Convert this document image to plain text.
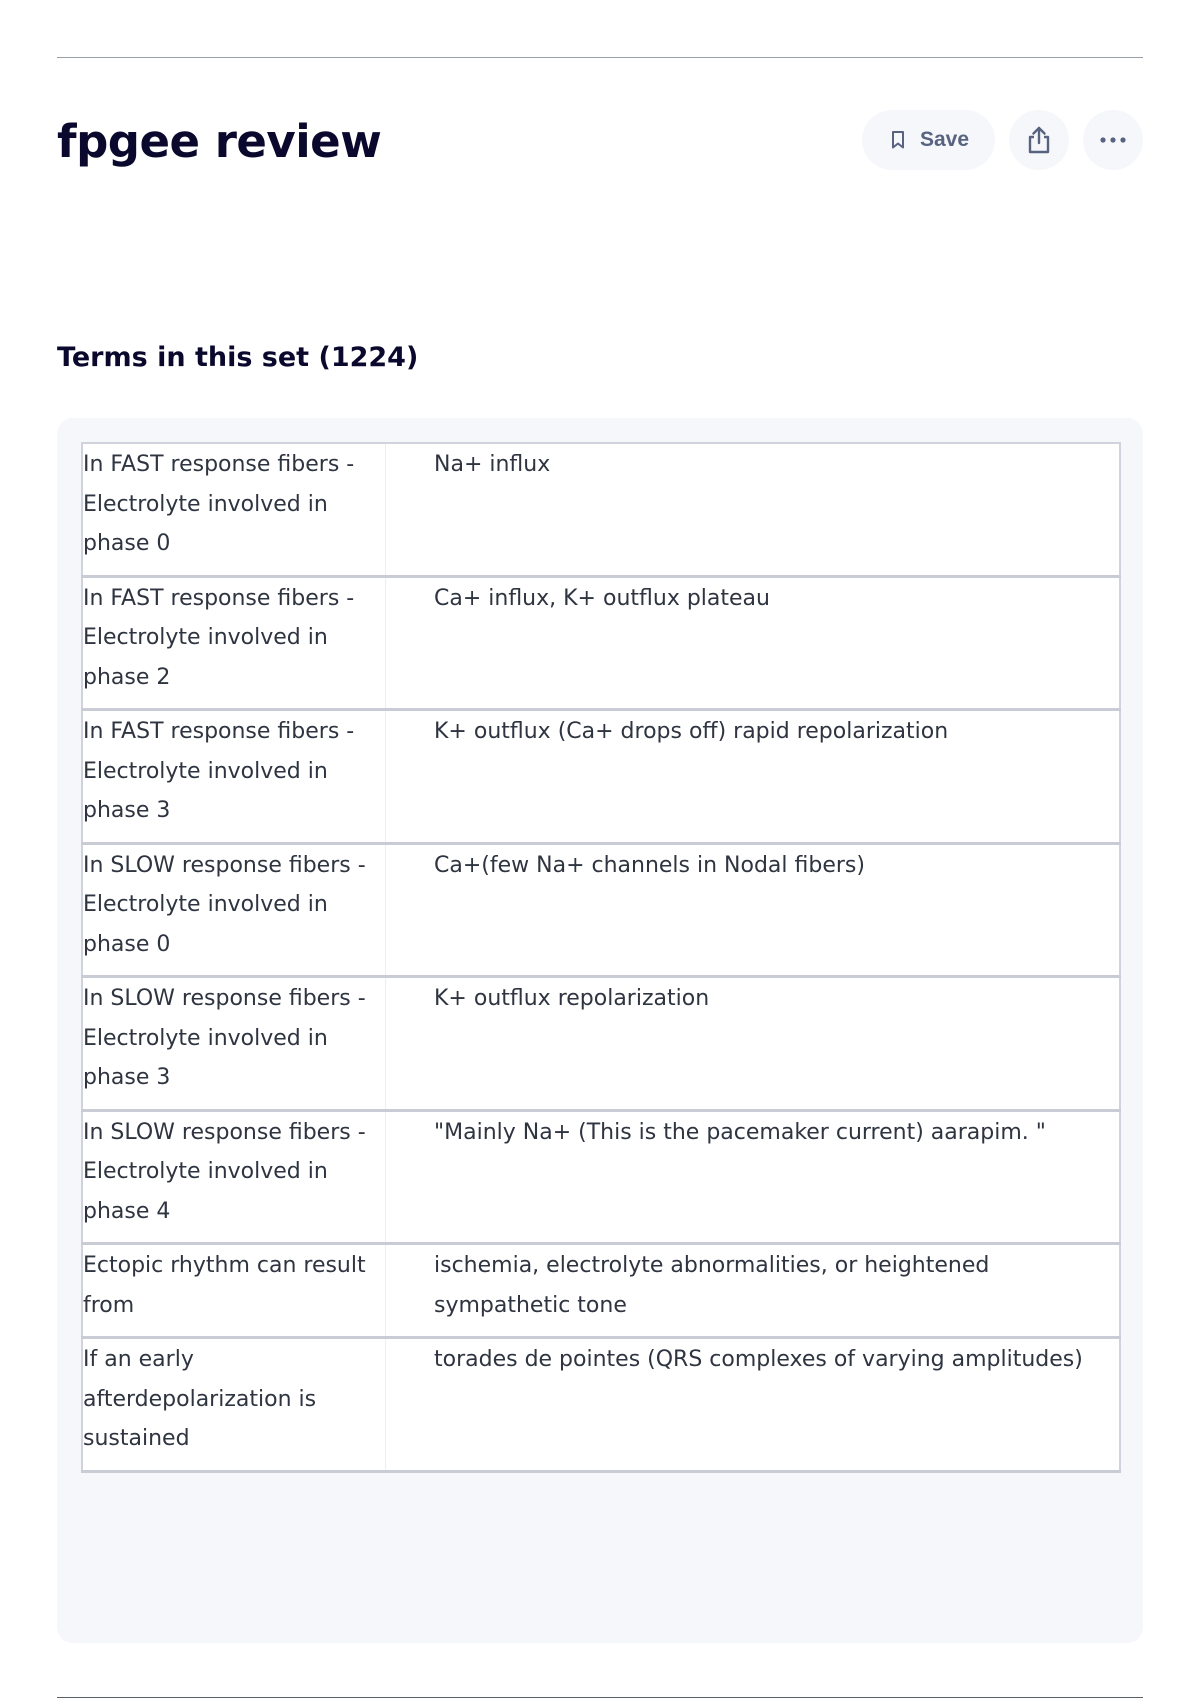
fpgee review	Save
Terms in this set (1224)
In FAST response fibers - Electrolyte involved in phase 0	Na+ influx
In FAST response fibers - Electrolyte involved in phase 2	Ca+ influx, K+ outflux plateau
In FAST response fibers - Electrolyte involved in phase 3	K+ outflux (Ca+ drops off) rapid repolarization
In SLOW response fibers - Electrolyte involved in phase 0	Ca+(few Na+ channels in Nodal fibers)
In SLOW response fibers - Electrolyte involved in phase 3	K+ outflux repolarization
In SLOW response fibers - Electrolyte involved in phase 4	"Mainly Na+ (This is the pacemaker current) aarapim. "
Ectopic rhythm can result from	ischemia, electrolyte abnormalities, or heightened sympathetic tone
If an early afterdepolarization is sustained	torades de pointes (QRS complexes of varying amplitudes)
